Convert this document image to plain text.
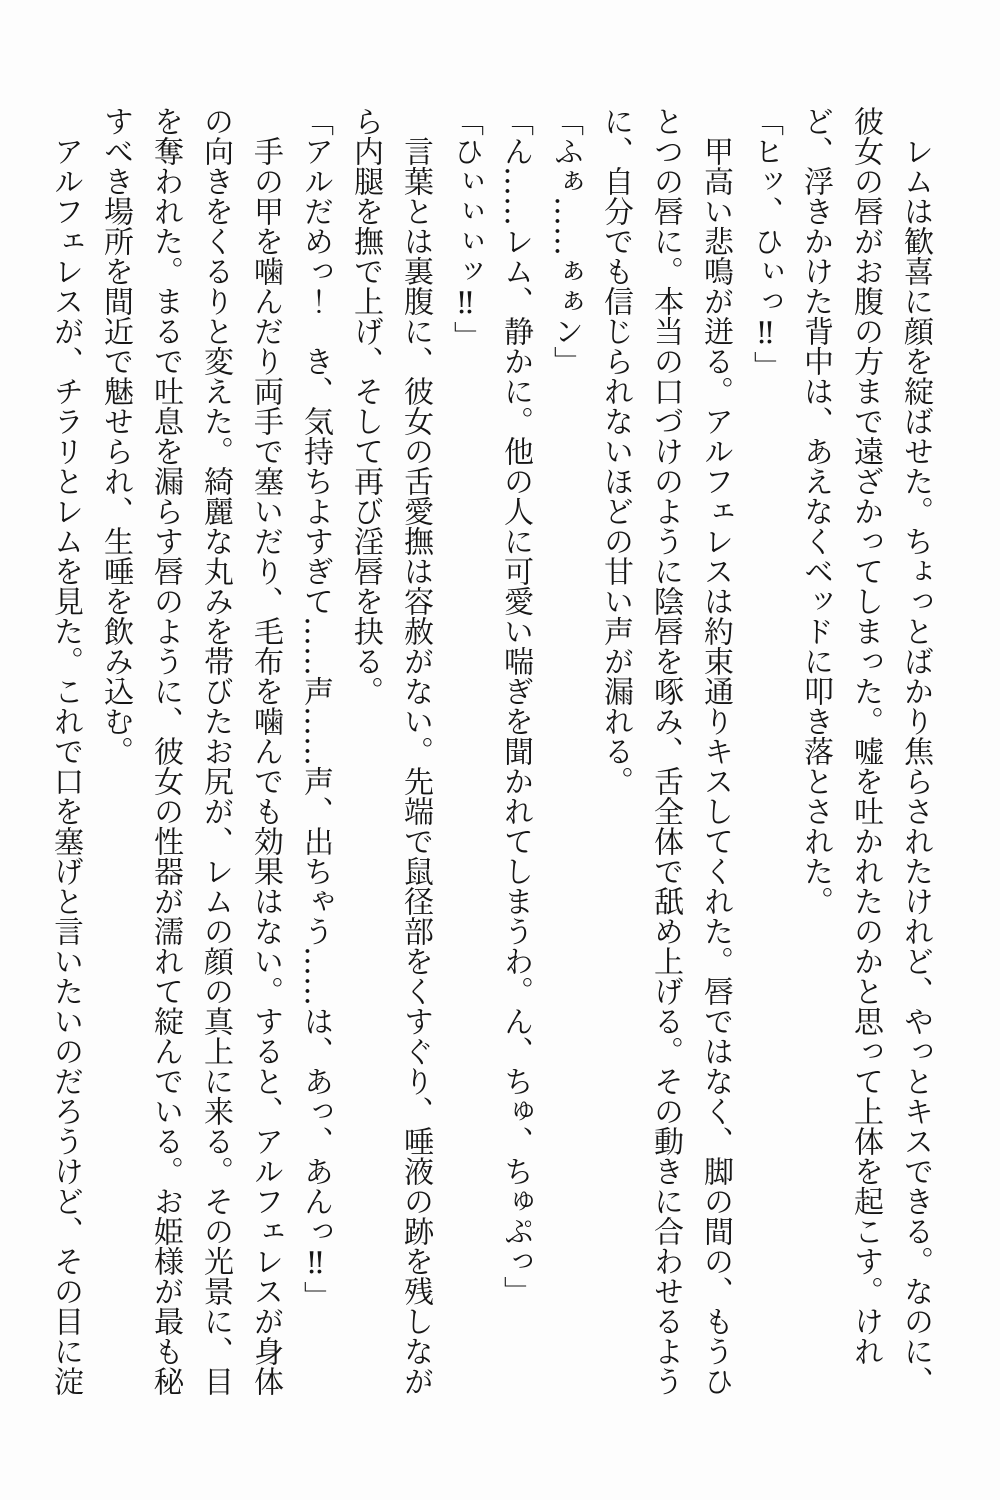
　レムは歓喜に顔を綻ばせた。ちょっとばかり焦らされたけれど、やっとキスできる。なのに、彼女の唇がお腹の方まで遠ざかってしまった。嘘を吐かれたのかと思って上体を起こす。けれど、浮きかけた背中は、あえなくベッドに叩き落とされた。

「ヒッ、ひぃっ‼」

　甲高い悲鳴が迸る。アルフェレスは約束通りキスしてくれた。唇ではなく、脚の間の、もうひとつの唇に。本当の口づけのように陰唇を啄み、舌全体で舐め上げる。その動きに合わせるように、自分でも信じられないほどの甘い声が漏れる。

「ふぁ……ぁぁン」

「ん……レム、静かに。他の人に可愛い喘ぎを聞かれてしまうわ。ん、ちゅ、ちゅぷっ」

「ひぃぃぃッ‼」

　言葉とは裏腹に、彼女の舌愛撫は容赦がない。先端で鼠径部をくすぐり、唾液の跡を残しながら内腿を撫で上げ、そして再び淫唇を抉る。

「アルだめっ！　き、気持ちよすぎて……声……声、出ちゃう……は、あっ、あんっ‼」

　手の甲を噛んだり両手で塞いだり、毛布を噛んでも効果はない。すると、アルフェレスが身体の向きをくるりと変えた。綺麗な丸みを帯びたお尻が、レムの顔の真上に来る。その光景に、目を奪われた。まるで吐息を漏らす唇のように、彼女の性器が濡れて綻んでいる。お姫様が最も秘すべき場所を間近で魅せられ、生唾を飲み込む。

　アルフェレスが、チラリとレムを見た。これで口を塞げと言いたいのだろうけど、その目に淀
